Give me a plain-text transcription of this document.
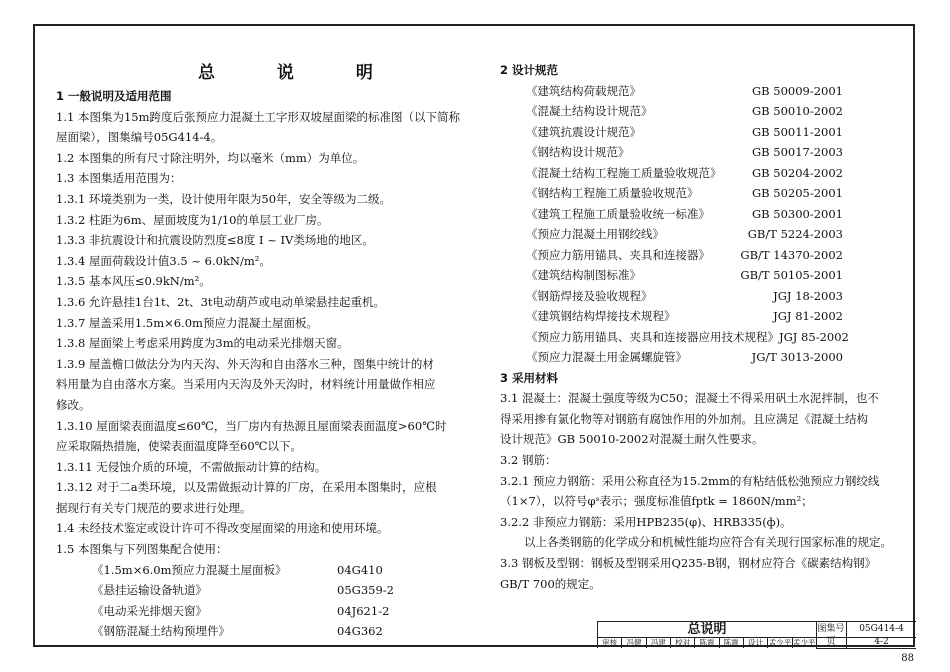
总 说 明
1 一般说明及适用范围
1.1 本图集为15m跨度后张预应力混凝土工字形双坡屋面梁的标准图（以下简称
屋面梁），图集编号05G414-4。
1.2 本图集的所有尺寸除注明外，均以毫米（mm）为单位。
1.3 本图集适用范围为：
1.3.1 环境类别为一类，设计使用年限为50年，安全等级为二级。
1.3.2 柱距为6m、屋面坡度为1/10的单层工业厂房。
1.3.3 非抗震设计和抗震设防烈度≤8度 I ~ IV类场地的地区。
1.3.4 屋面荷载设计值3.5 ~ 6.0kN/m²。
1.3.5 基本风压≤0.9kN/m²。
1.3.6 允许悬挂1台1t、2t、3t电动葫芦或电动单梁悬挂起重机。
1.3.7 屋盖采用1.5m×6.0m预应力混凝土屋面板。
1.3.8 屋面梁上考虑采用跨度为3m的电动采光排烟天窗。
1.3.9 屋盖檐口做法分为内天沟、外天沟和自由落水三种，图集中统计的材
料用量为自由落水方案。当采用内天沟及外天沟时，材料统计用量做作相应
修改。
1.3.10 屋面梁表面温度≤60℃，当厂房内有热源且屋面梁表面温度>60℃时
应采取隔热措施，使梁表面温度降至60℃以下。
1.3.11 无侵蚀介质的环境，不需做振动计算的结构。
1.3.12 对于二a类环境，以及需做振动计算的厂房，在采用本图集时，应根
据现行有关专门规范的要求进行处理。
1.4 未经技术鉴定或设计许可不得改变屋面梁的用途和使用环境。
1.5 本图集与下列图集配合使用：
《1.5m×6.0m预应力混凝土屋面板》	04G410
《悬挂运输设备轨道》	05G359-2
《电动采光排烟天窗》	04J621-2
《钢筋混凝土结构预埋件》	04G362
2 设计规范
《建筑结构荷载规范》	GB 50009-2001
《混凝土结构设计规范》	GB 50010-2002
《建筑抗震设计规范》	GB 50011-2001
《钢结构设计规范》	GB 50017-2003
《混凝土结构工程施工质量验收规范》	GB 50204-2002
《钢结构工程施工质量验收规范》	GB 50205-2001
《建筑工程施工质量验收统一标准》	GB 50300-2001
《预应力混凝土用钢绞线》	GB/T 5224-2003
《预应力筋用锚具、夹具和连接器》	GB/T 14370-2002
《建筑结构制图标准》	GB/T 50105-2001
《钢筋焊接及验收规程》	JGJ 18-2003
《建筑钢结构焊接技术规程》	JGJ 81-2002
《预应力筋用锚具、夹具和连接器应用技术规程》 JGJ 85-2002
《预应力混凝土用金属螺旋管》	JG/T 3013-2000
3 采用材料
3.1 混凝土：混凝土强度等级为C50；混凝土不得采用矾土水泥拌制，也不
得采用掺有氯化物等对钢筋有腐蚀作用的外加剂。且应满足《混凝土结构
设计规范》GB 50010-2002对混凝土耐久性要求。
3.2 钢筋：
3.2.1 预应力钢筋：采用公称直径为15.2mm的有粘结低松弛预应力钢绞线
（1×7），以符号φˢ表示；强度标准值fptk = 1860N/mm²；
3.2.2 非预应力钢筋：采用HPB235(φ)、HRB335(ф)。
以上各类钢筋的化学成分和机械性能均应符合有关现行国家标准的规定。
3.3 钢板及型钢：钢板及型钢采用Q235-B钢，钢材应符合《碳素结构钢》
GB/T 700的规定。
总说明	图集号	05G414-4
审核	冯健	冯建	校对	陈震	陈震	设计 孟少平 孟少平	页	4-2
88
